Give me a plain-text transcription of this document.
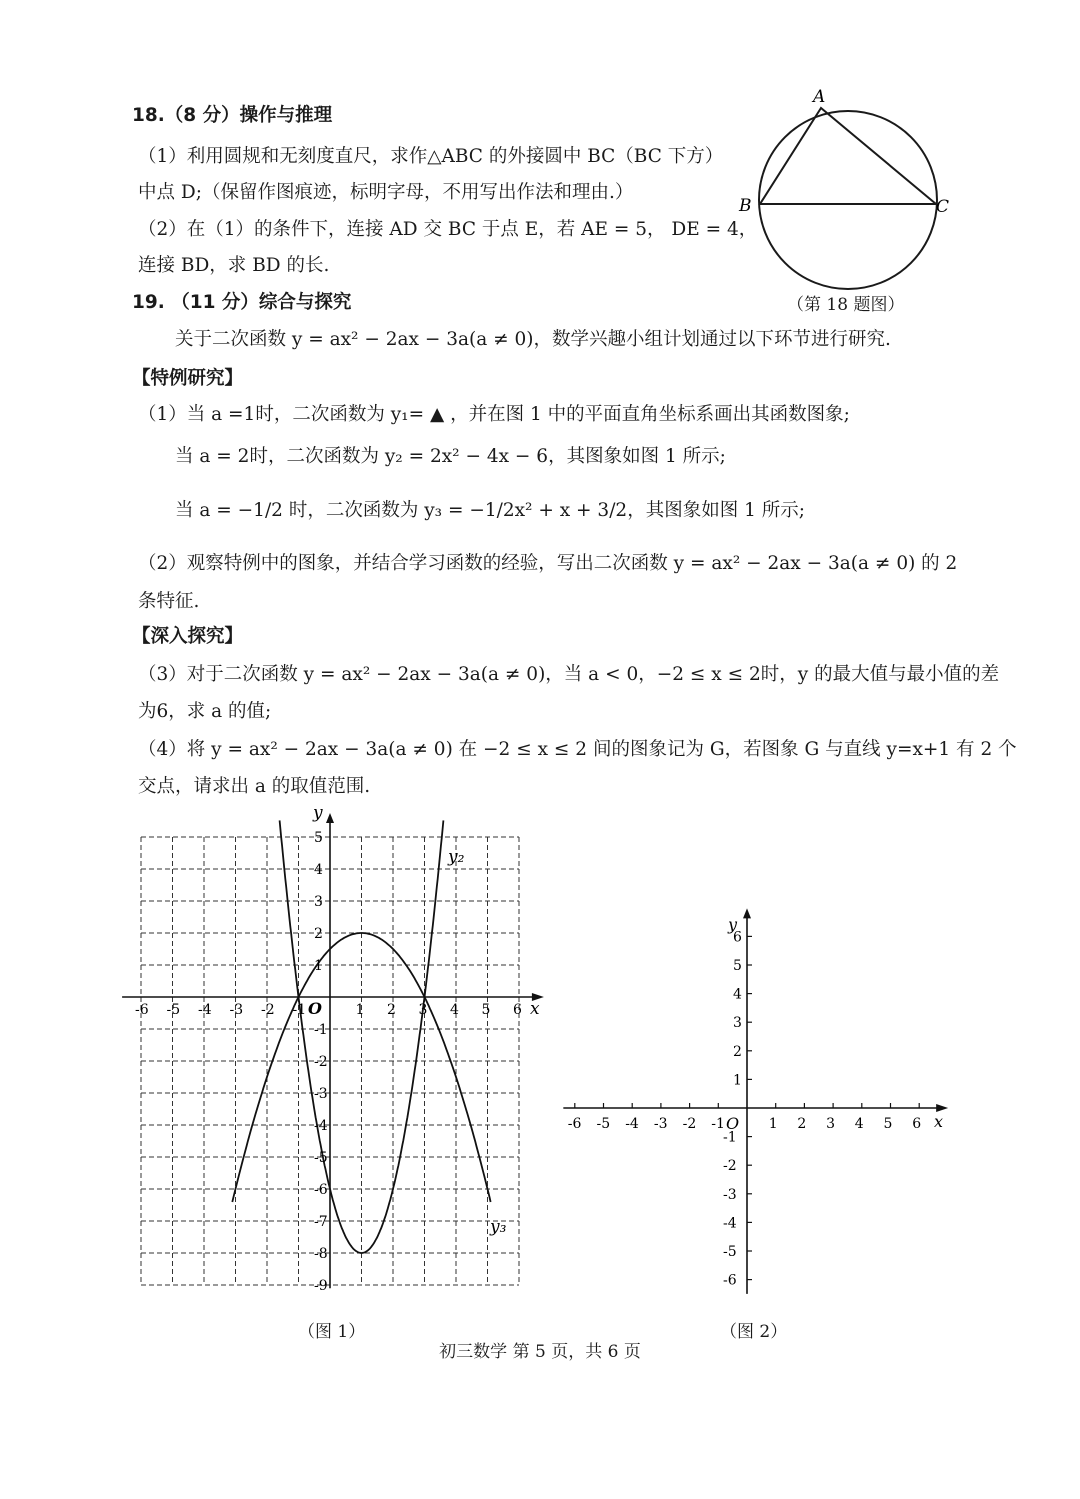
18.（8 分）操作与推理
（1）利用圆规和无刻度直尺，求作△ABC 的外接圆中 BC（BC 下方）
中点 D;（保留作图痕迹，标明字母，不用写出作法和理由.）
（2）在（1）的条件下，连接 AD 交 BC 于点 E，若 AE = 5， DE = 4，
连接 BD，求 BD 的长.
A
B	C
（第 18 题图）
19. （11 分）综合与探究
关于二次函数 y = ax² − 2ax − 3a(a ≠ 0)，数学兴趣小组计划通过以下环节进行研究.
【特例研究】
（1）当 a =1时，二次函数为 y₁= ▲ ，并在图 1 中的平面直角坐标系画出其函数图象;
当 a = 2时，二次函数为 y₂ = 2x² − 4x − 6，其图象如图 1 所示;
当 a = −1/2 时，二次函数为 y₃ = −1/2x² + x + 3/2，其图象如图 1 所示;
（2）观察特例中的图象，并结合学习函数的经验，写出二次函数 y = ax² − 2ax − 3a(a ≠ 0) 的 2
条特征.
【深入探究】
（3）对于二次函数 y = ax² − 2ax − 3a(a ≠ 0)，当 a < 0，−2 ≤ x ≤ 2时，y 的最大值与最小值的差
为6，求 a 的值;
（4）将 y = ax² − 2ax − 3a(a ≠ 0) 在 −2 ≤ x ≤ 2 间的图象记为 G，若图象 G 与直线 y=x+1 有 2 个
交点，请求出 a 的取值范围.
-6 -5 -4 -3 -2 -1	1 2 3 4 5 6
5
4
3
2
1
-1
-2
-3
-4
-5
-6
-7
-8
-9
y
x
O
y₂
y₃
（图 1）
-6 -5 -4 -3 -2 -1	1 2 3 4 5 6
6
5
4
3
2
1
-1
-2
-3
-4
-5
-6
y
x
O
（图 2）
初三数学 第 5 页，共 6 页
